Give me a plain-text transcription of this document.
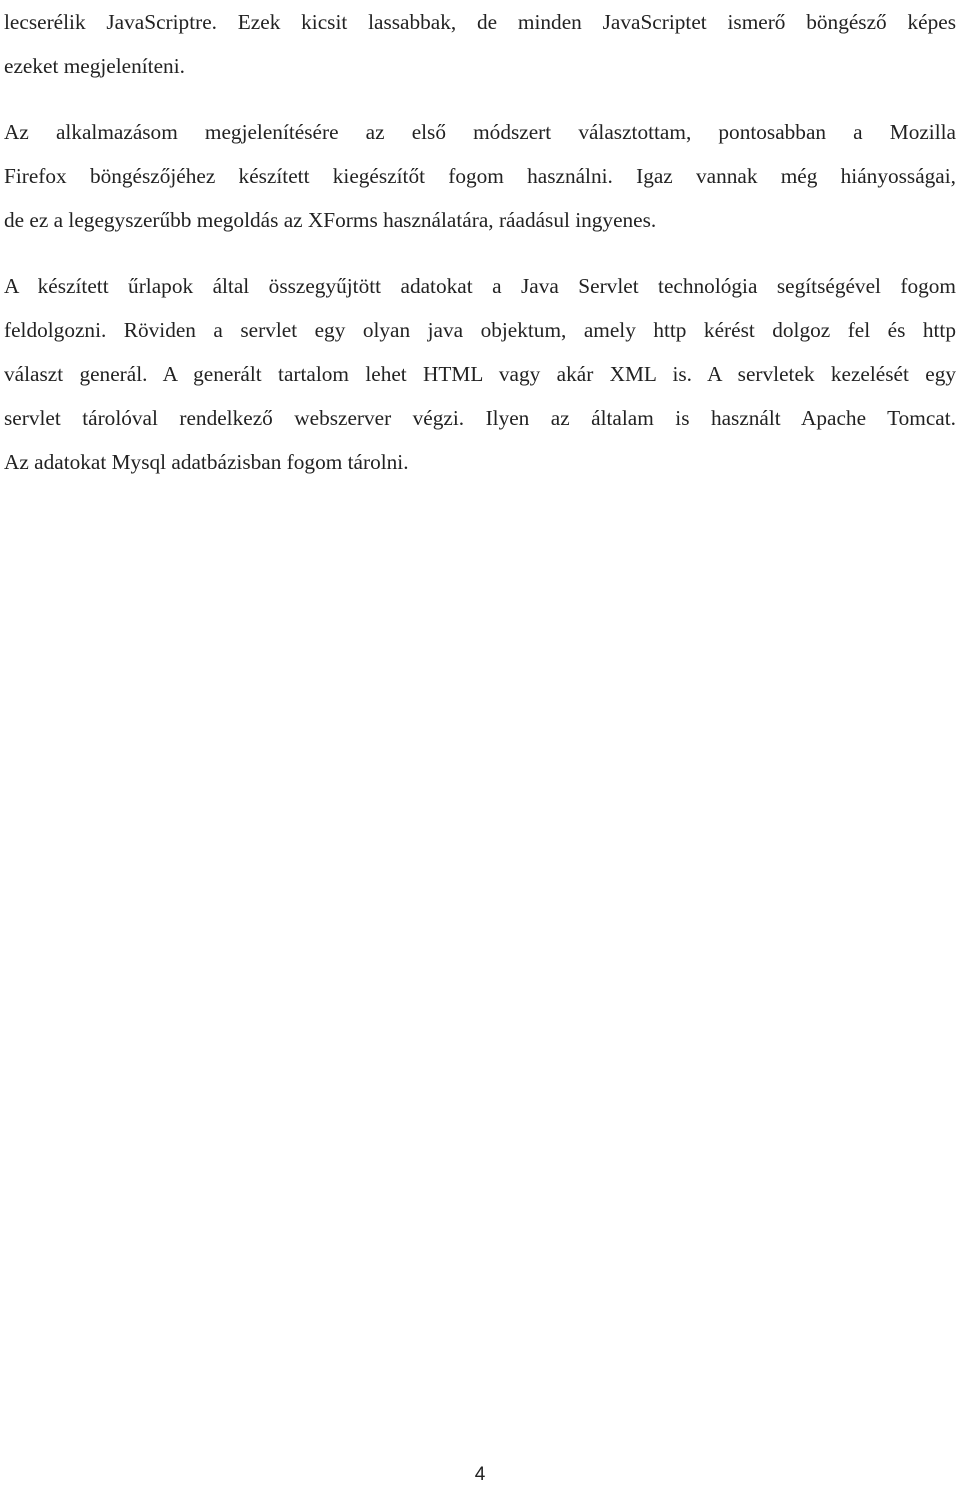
lecserélik JavaScriptre. Ezek kicsit lassabbak, de minden JavaScriptet ismerő böngésző képes
ezeket megjeleníteni.

Az alkalmazásom megjelenítésére az első módszert választottam, pontosabban a Mozilla
Firefox böngészőjéhez készített kiegészítőt fogom használni. Igaz vannak még hiányosságai,
de ez a legegyszerűbb megoldás az XForms használatára, ráadásul ingyenes.

A készített űrlapok által összegyűjtött adatokat a Java Servlet technológia segítségével fogom
feldolgozni. Röviden a servlet egy olyan java objektum, amely http kérést dolgoz fel és http
választ generál. A generált tartalom lehet HTML vagy akár XML is. A servletek kezelését egy
servlet tárolóval rendelkező webszerver végzi. Ilyen az általam is használt Apache Tomcat.
Az adatokat Mysql adatbázisban fogom tárolni.

4
